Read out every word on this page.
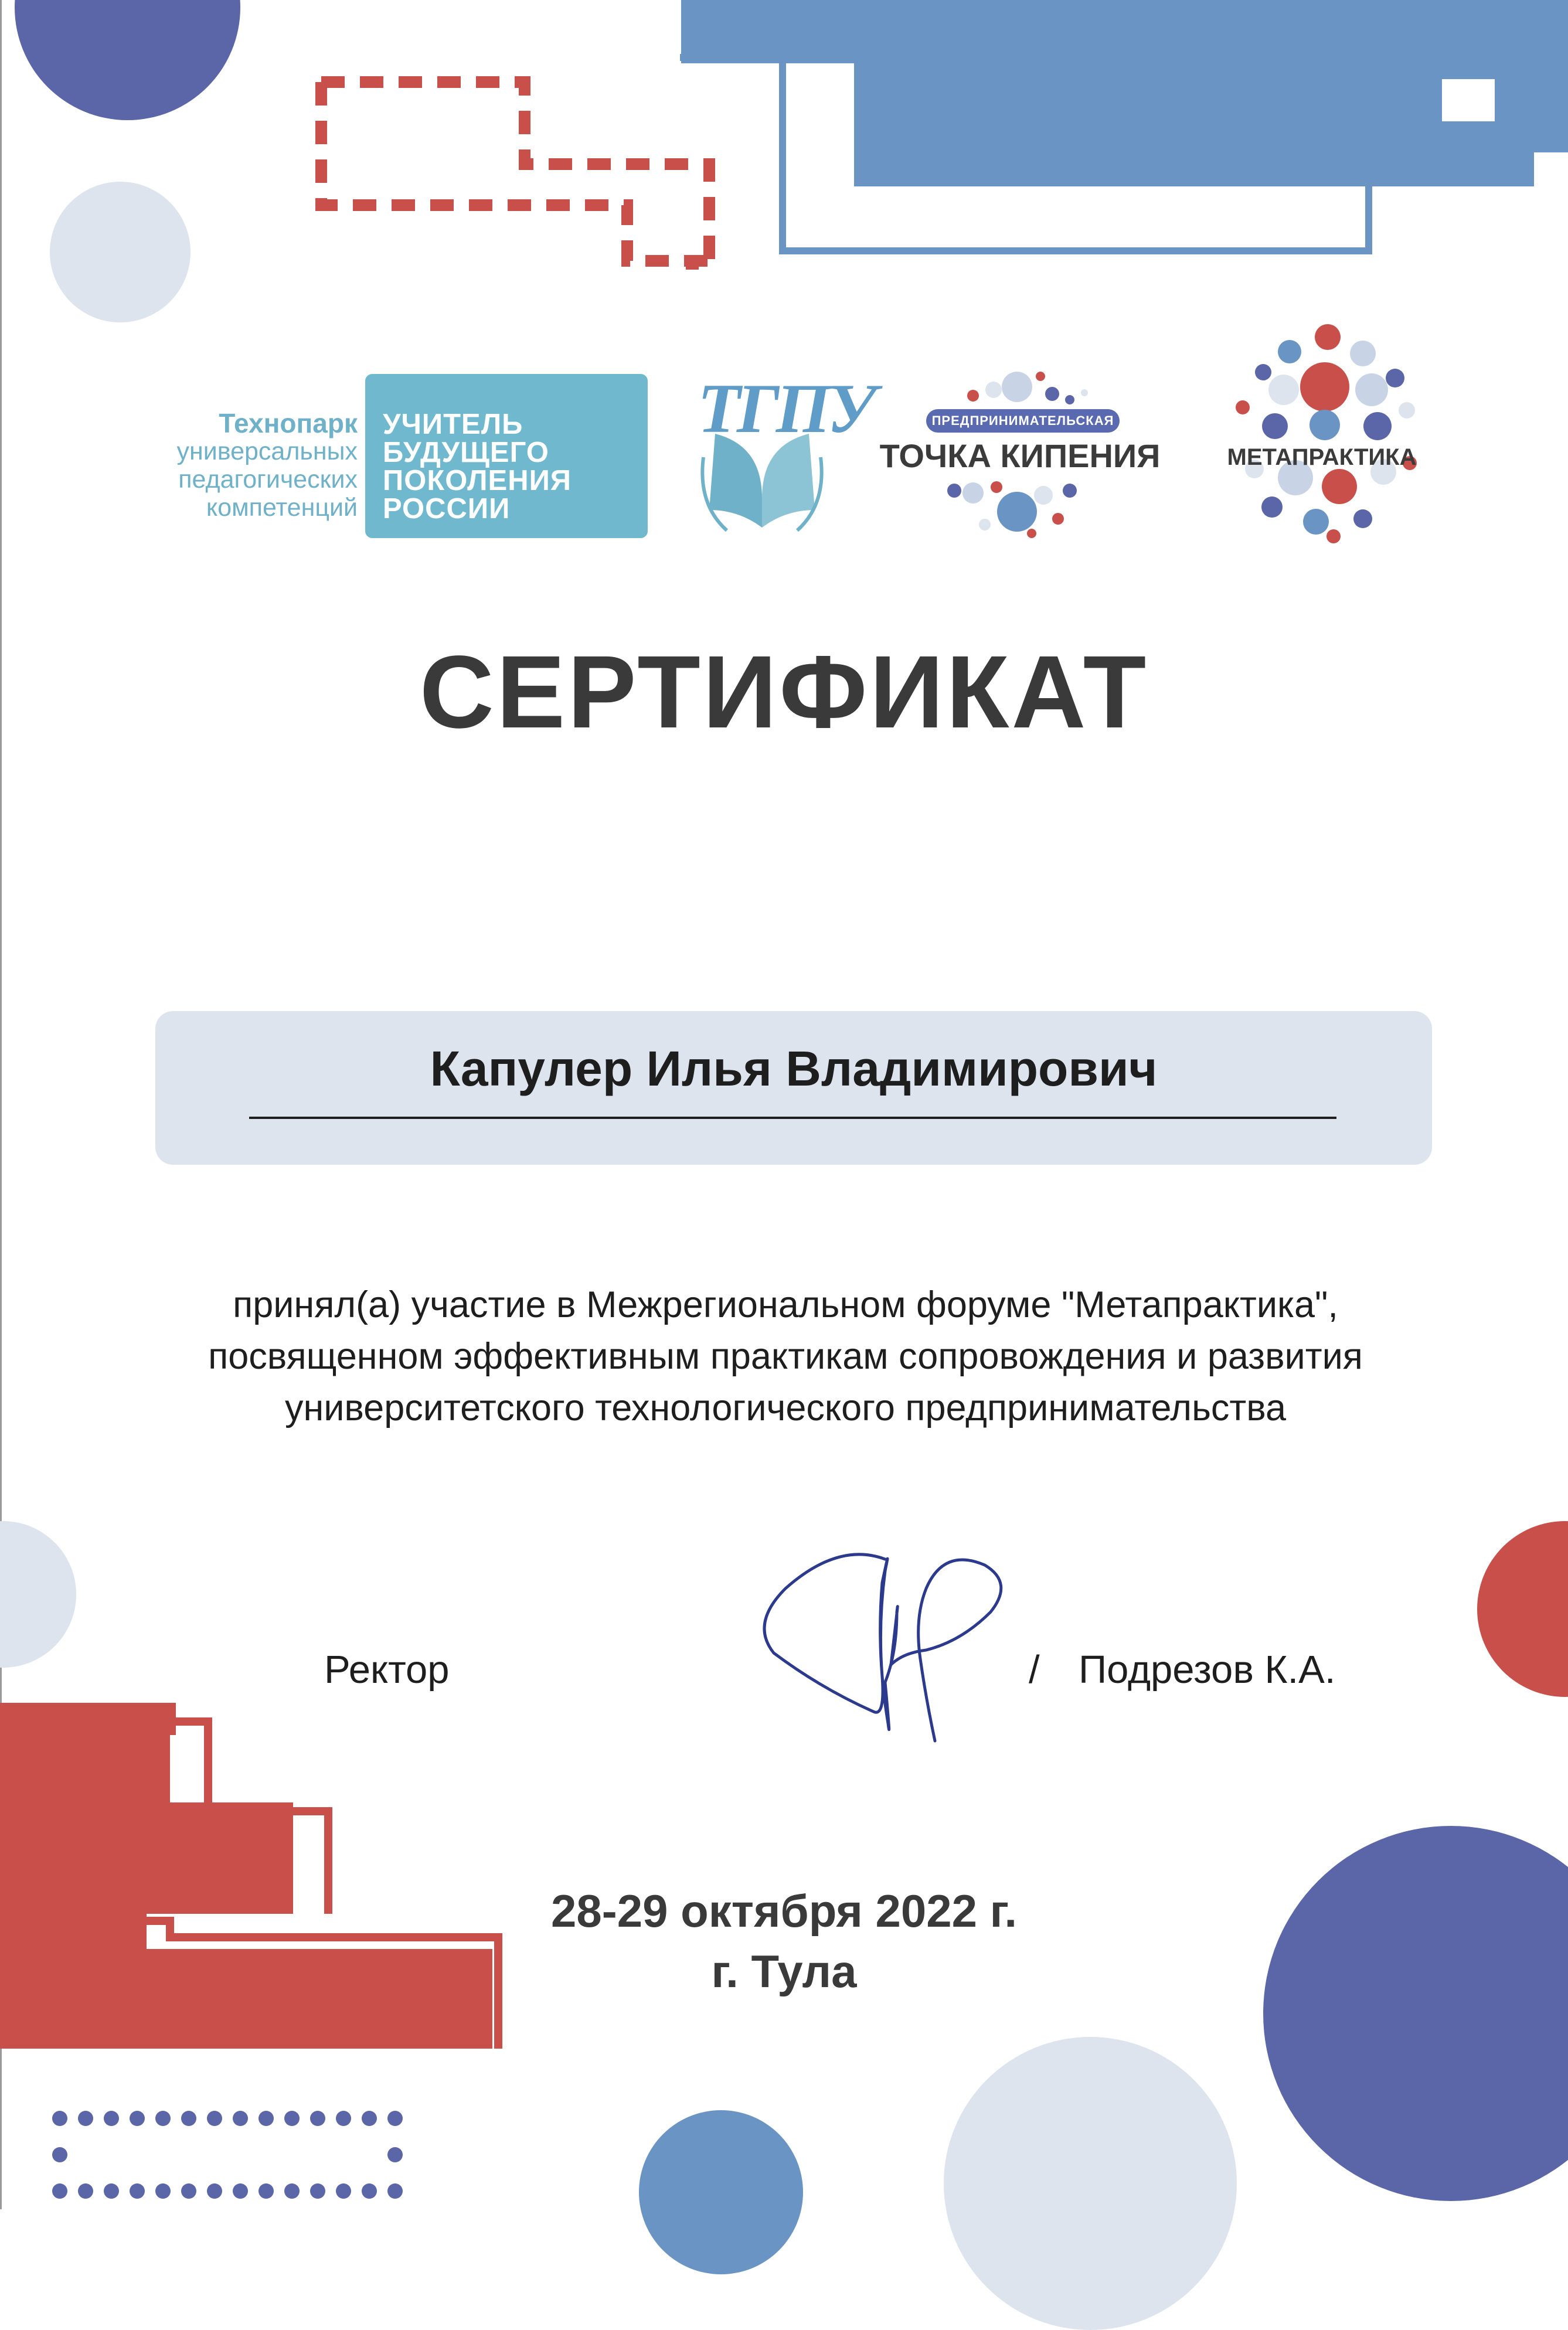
Технопарк
универсальных
педагогических
компетенций
УЧИТЕЛЬ
БУДУЩЕГО
ПОКОЛЕНИЯ
РОССИИ
ТГПУ	ПРЕДПРИНИМАТЕЛЬСКАЯ
ТОЧКА КИПЕНИЯ	МЕТАПРАКТИКА
СЕРТИФИКАТ
Капулер Илья Владимирович
принял(а) участие в Межрегиональном форуме "Метапрактика",
посвященном эффективным практикам сопровождения и развития
университетского технологического предпринимательства
Ректор	/ Подрезов К.А.
28-29 октября 2022 г.
г. Тула
